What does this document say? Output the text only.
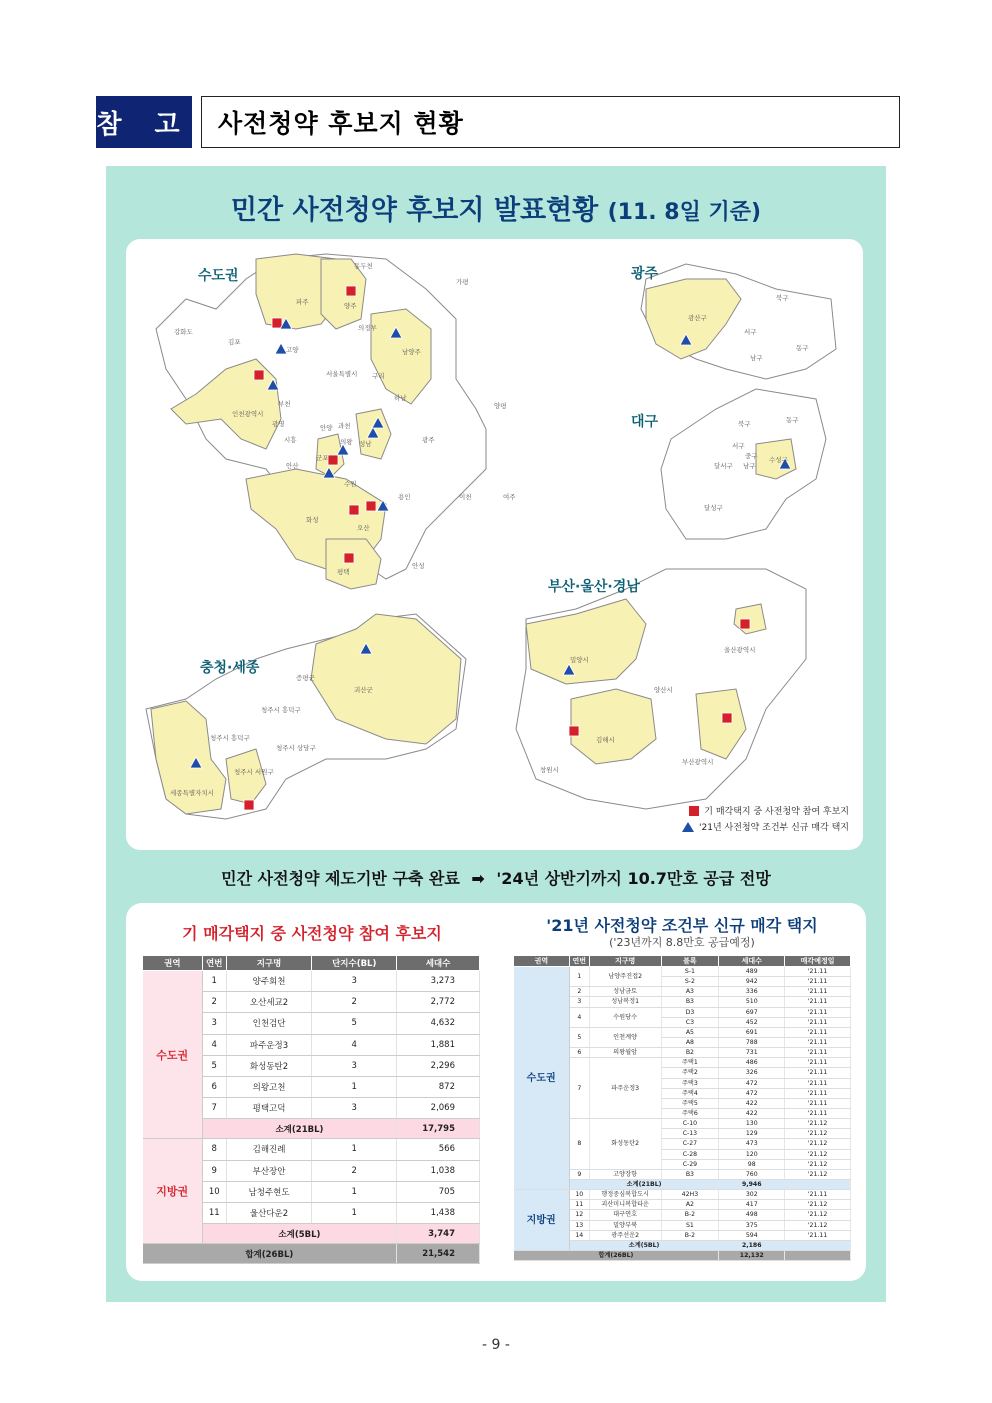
참 고	사전청약 후보지 현황
민간 사전청약 후보지 발표현황 (11. 8일 기준)
수도권	광주
대구
부산·울산·경남
충청·세종
동두천
가평
파주	양주
의정부
남양주
강화도
김포
고양
서울특별시 구리
하남
양평
인천광역시
부천
광명
시흥
안양 과천
성남	광주
군포
의왕
안산
수원
용인	이천	여주
화성
오산
평택
안성
광산구
북구
서구
남구
동구
북구	동구
서구
중구
달서구 남구
수성구
달성구
밀양시
울산광역시
양산시
김해시
부산광역시
창원시
증평군
괴산군
청주시 흥덕구
청주시 흥덕구
청주시 상당구
청주시 서원구
세종특별자치시
기 매각택지 중 사전청약 참여 후보지
'21년 사전청약 조건부 신규 매각 택지
민간 사전청약 제도기반 구축 완료 ➡ '24년 상반기까지 10.7만호 공급 전망
기 매각택지 중 사전청약 참여 후보지	'21년 사전청약 조건부 신규 매각 택지
('23년까지 8.8만호 공급예정)
권역	연번	지구명	단지수(BL)	세대수
수도권	1	양주회천	3	3,273
	2	오산세교2	2	2,772
	3	인천검단	5	4,632
	4	파주운정3	4	1,881
	5	화성동탄2	3	2,296
	6	의왕고천	1	872
	7	평택고덕	3	2,069
	소계(21BL)			17,795
지방권	8	김해진례	1	566
	9	부산장안	2	1,038
	10	남청주현도	1	705
	11	울산다운2	1	1,438
	소계(5BL)			3,747
합계(26BL)				21,542
권역	연번	지구명	블록	세대수	매각예정일
수도권	1	남양주진접2	S-1	489	'21.11
			S-2	942	'21.11
	2	성남금토	A3	336	'21.11
	3	성남복정1	B3	510	'21.11
	4	수원당수	D3	697	'21.11
			C3	452	'21.11
	5	인천계양	A5	691	'21.11
			A8	788	'21.11
	6	의왕월암	B2	731	'21.11
	7	파주운정3	주택1	486	'21.11
			주택2	326	'21.11
			주택3	472	'21.11
			주택4	472	'21.11
			주택5	422	'21.11
			주택6	422	'21.11
	8	화성동탄2	C-10	130	'21.12
			C-13	129	'21.12
			C-27	473	'21.12
			C-28	120	'21.12
			C-29	98	'21.12
	9	고양장항	B3	760	'21.12
	소계(21BL)			9,946	
지방권	10	행정중심복합도시	42H3	302	'21.11
	11	괴산미니복합타운	A2	417	'21.12
	12	대구연호	B-2	498	'21.12
	13	밀양부북	S1	375	'21.12
	14	광주선운2	B-2	594	'21.11
	소계(5BL)			2,186	
합계(26BL)				12,132	
- 9 -
